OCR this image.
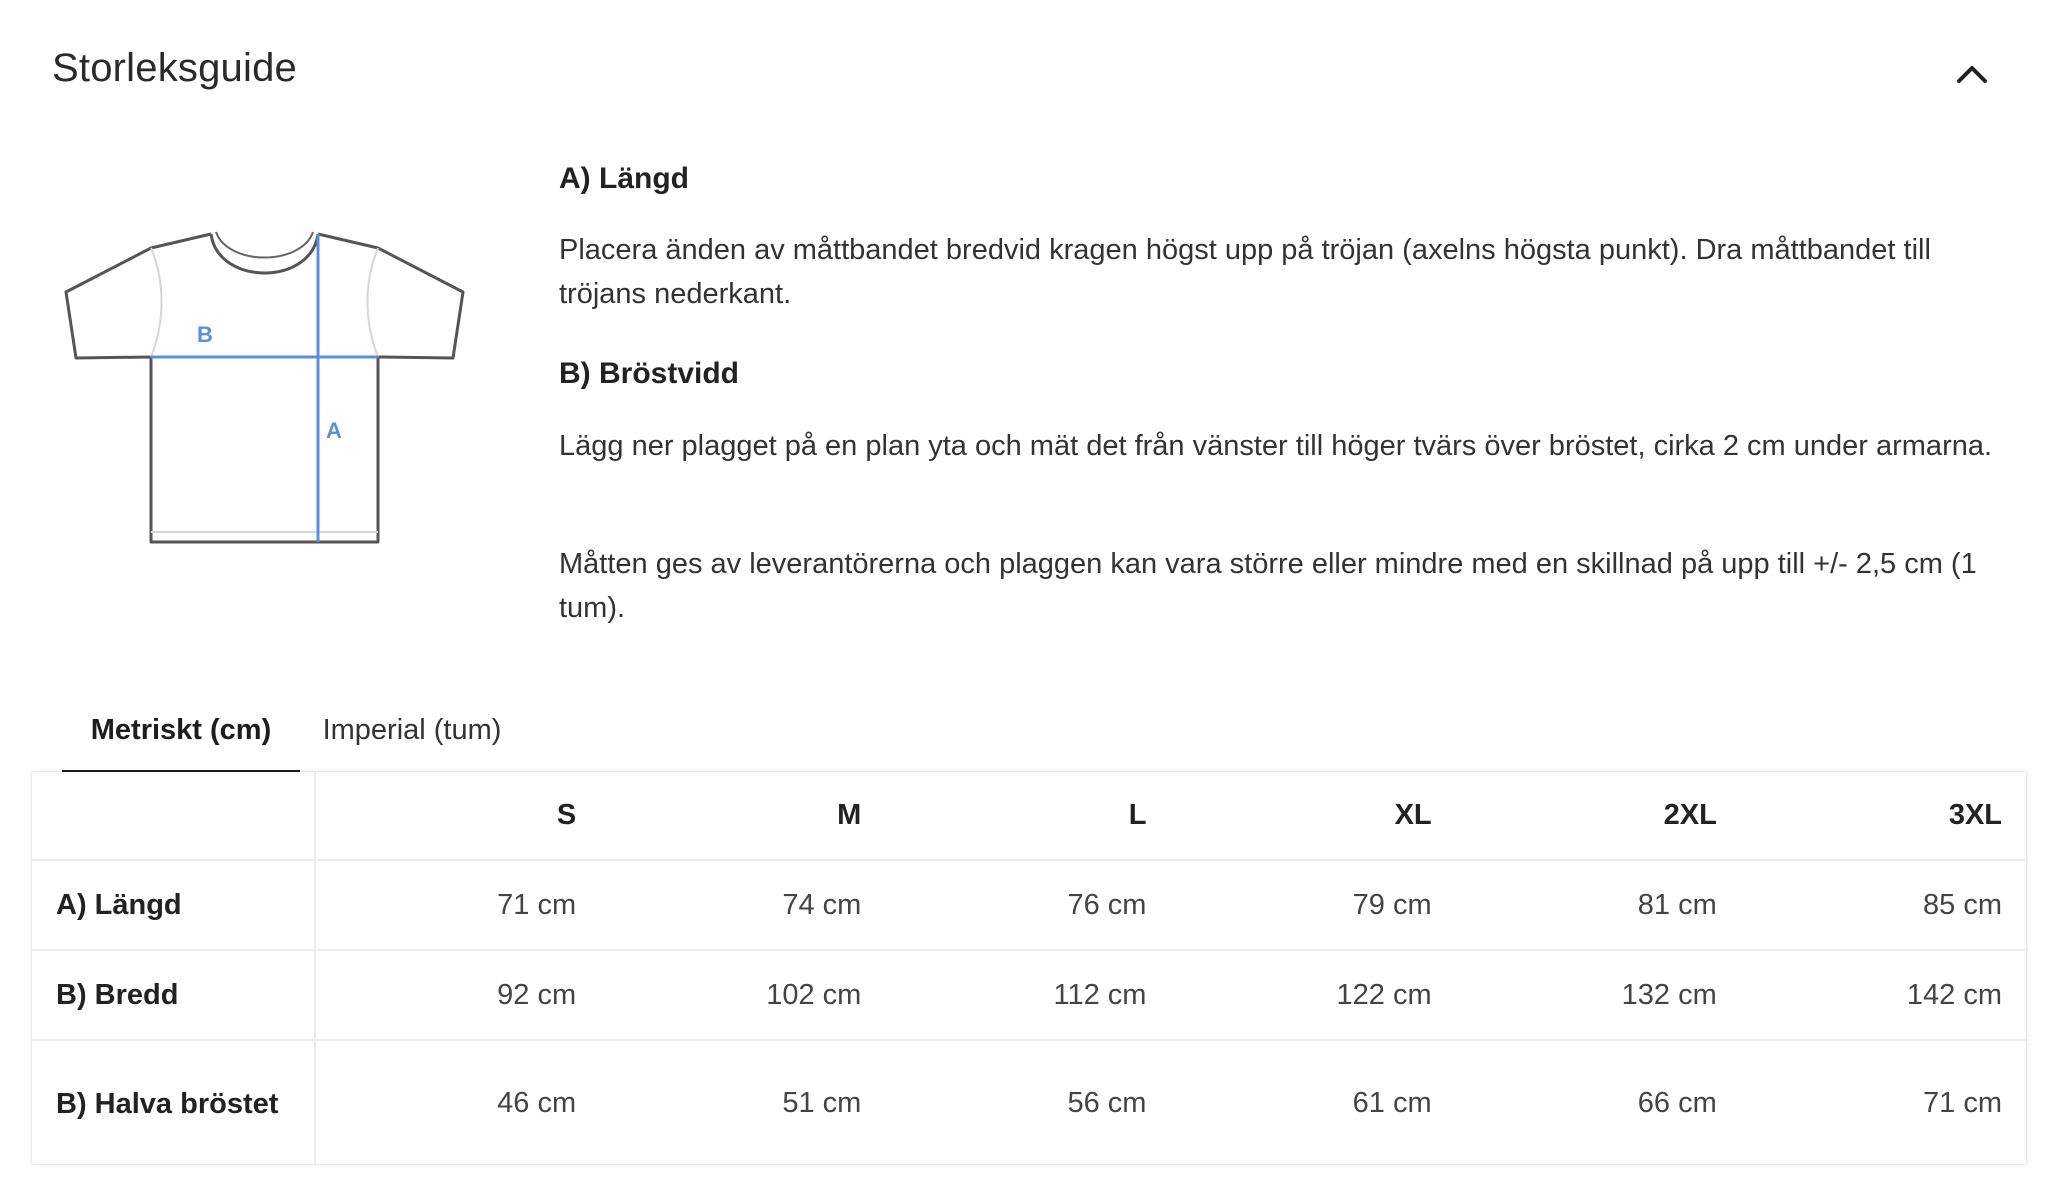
Storleksguide
B
A
A) Längd

Placera änden av måttbandet bredvid kragen högst upp på tröjan (axelns högsta punkt). Dra måttbandet till tröjans nederkant.

B) Bröstvidd

Lägg ner plagget på en plan yta och mät det från vänster till höger tvärs över bröstet, cirka 2 cm under armarna.

Måtten ges av leverantörerna och plaggen kan vara större eller mindre med en skillnad på upp till +/- 2,5 cm (1 tum).

Metriskt (cm)	Imperial (tum)
	S	M	L	XL	2XL	3XL
A) Längd	71 cm	74 cm	76 cm	79 cm	81 cm	85 cm
B) Bredd	92 cm	102 cm	112 cm	122 cm	132 cm	142 cm
B) Halva bröstet	46 cm	51 cm	56 cm	61 cm	66 cm	71 cm
